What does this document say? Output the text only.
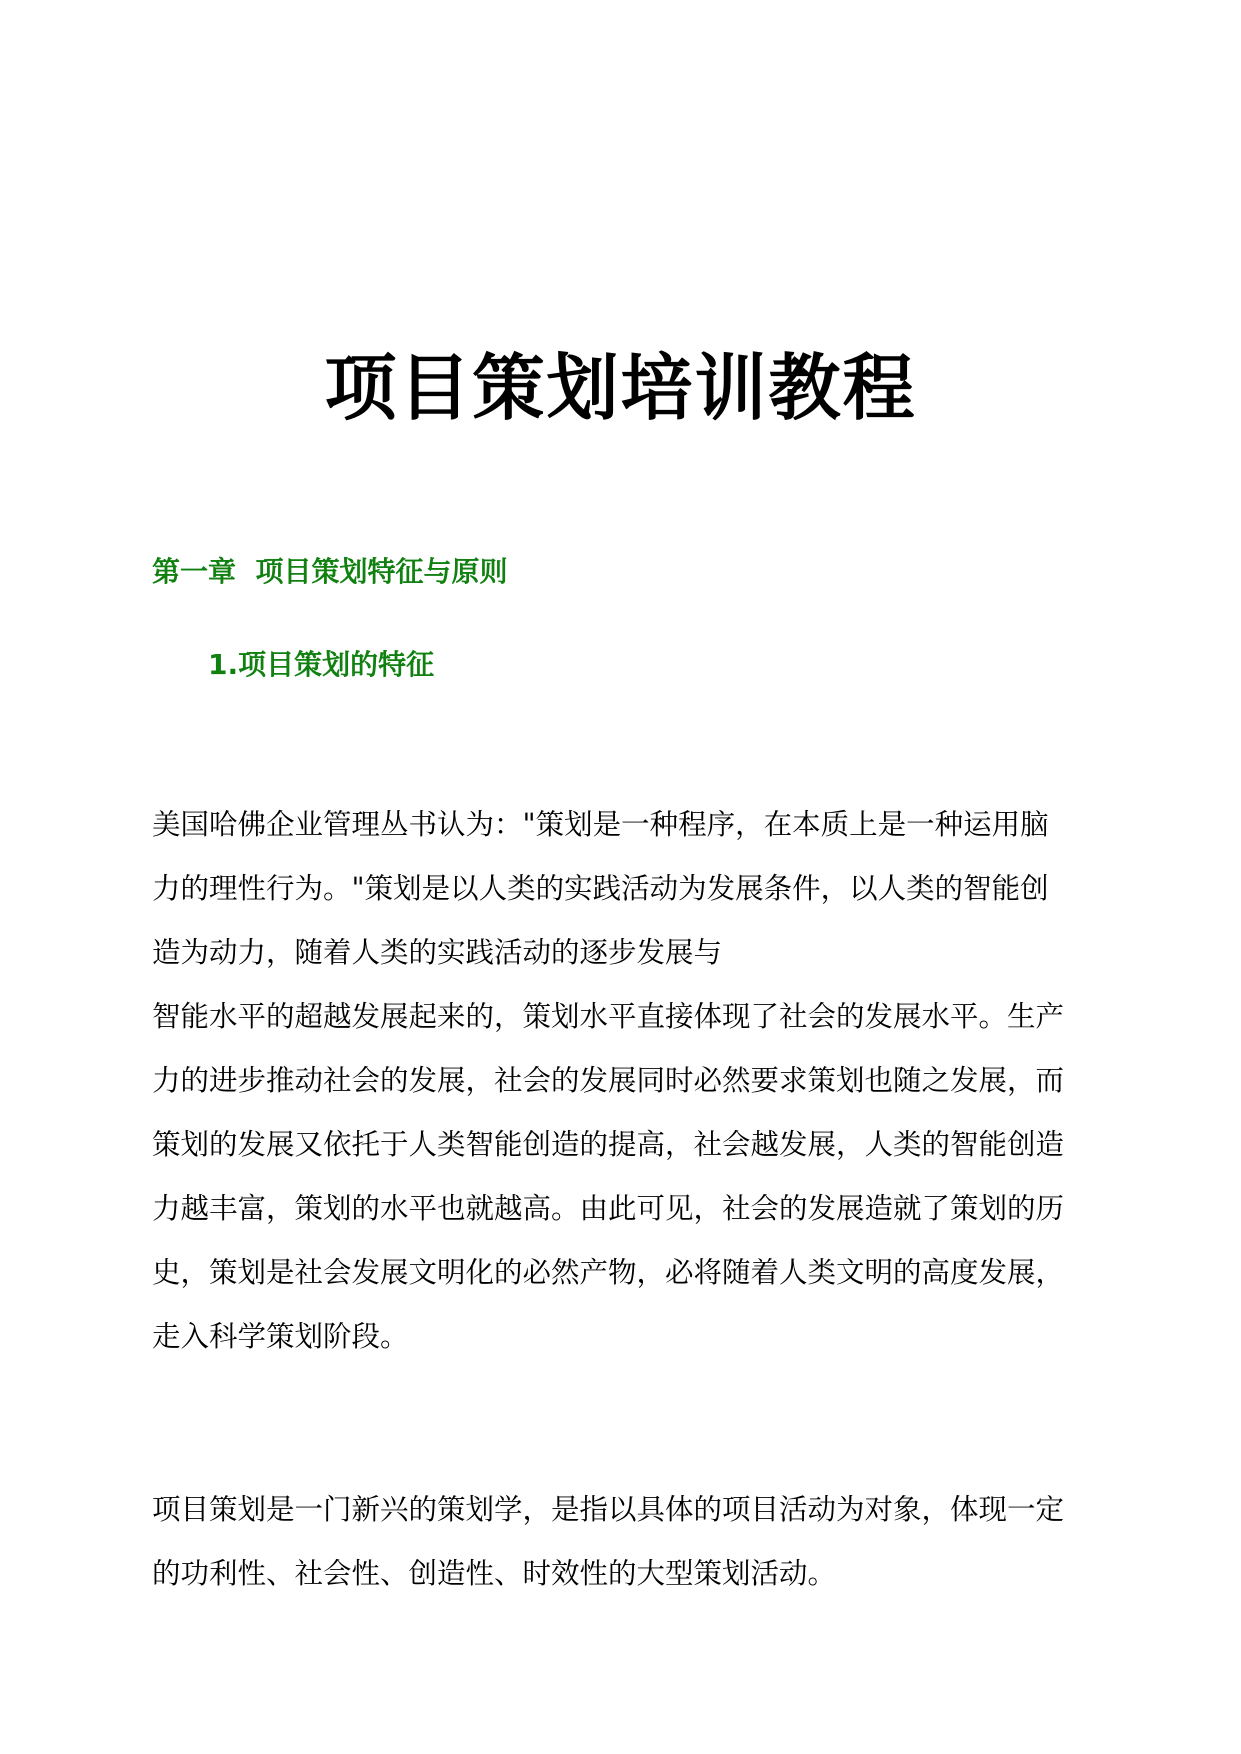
项目策划培训教程
第一章  项目策划特征与原则
1.项目策划的特征

美国哈佛企业管理丛书认为："策划是一种程序，在本质上是一种运用脑
力的理性行为。"策划是以人类的实践活动为发展条件，以人类的智能创
造为动力，随着人类的实践活动的逐步发展与
智能水平的超越发展起来的，策划水平直接体现了社会的发展水平。生产
力的进步推动社会的发展，社会的发展同时必然要求策划也随之发展，而
策划的发展又依托于人类智能创造的提高，社会越发展，人类的智能创造
力越丰富，策划的水平也就越高。由此可见，社会的发展造就了策划的历
史，策划是社会发展文明化的必然产物，必将随着人类文明的高度发展，
走入科学策划阶段。

项目策划是一门新兴的策划学，是指以具体的项目活动为对象，体现一定
的功利性、社会性、创造性、时效性的大型策划活动。
